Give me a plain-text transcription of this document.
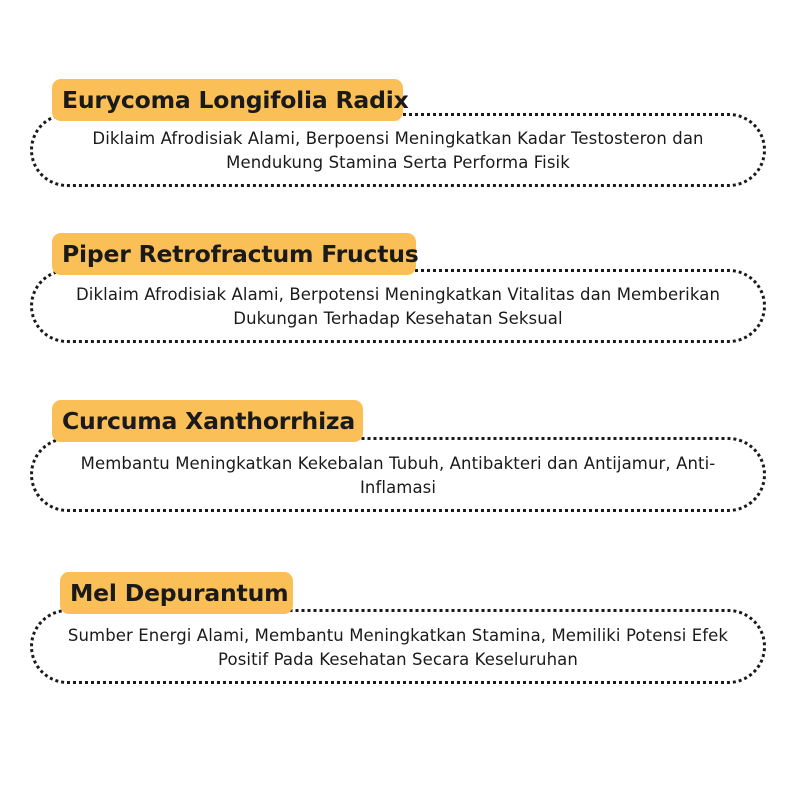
Eurycoma Longifolia Radix
Diklaim Afrodisiak Alami, Berpoensi Meningkatkan Kadar Testosteron dan Mendukung Stamina Serta Performa Fisik
Piper Retrofractum Fructus
Diklaim Afrodisiak Alami, Berpotensi Meningkatkan Vitalitas dan Memberikan Dukungan Terhadap Kesehatan Seksual
Curcuma Xanthorrhiza
Membantu Meningkatkan Kekebalan Tubuh, Antibakteri dan Antijamur, Anti-Inflamasi
Mel Depurantum
Sumber Energi Alami, Membantu Meningkatkan Stamina, Memiliki Potensi Efek Positif Pada Kesehatan Secara Keseluruhan
